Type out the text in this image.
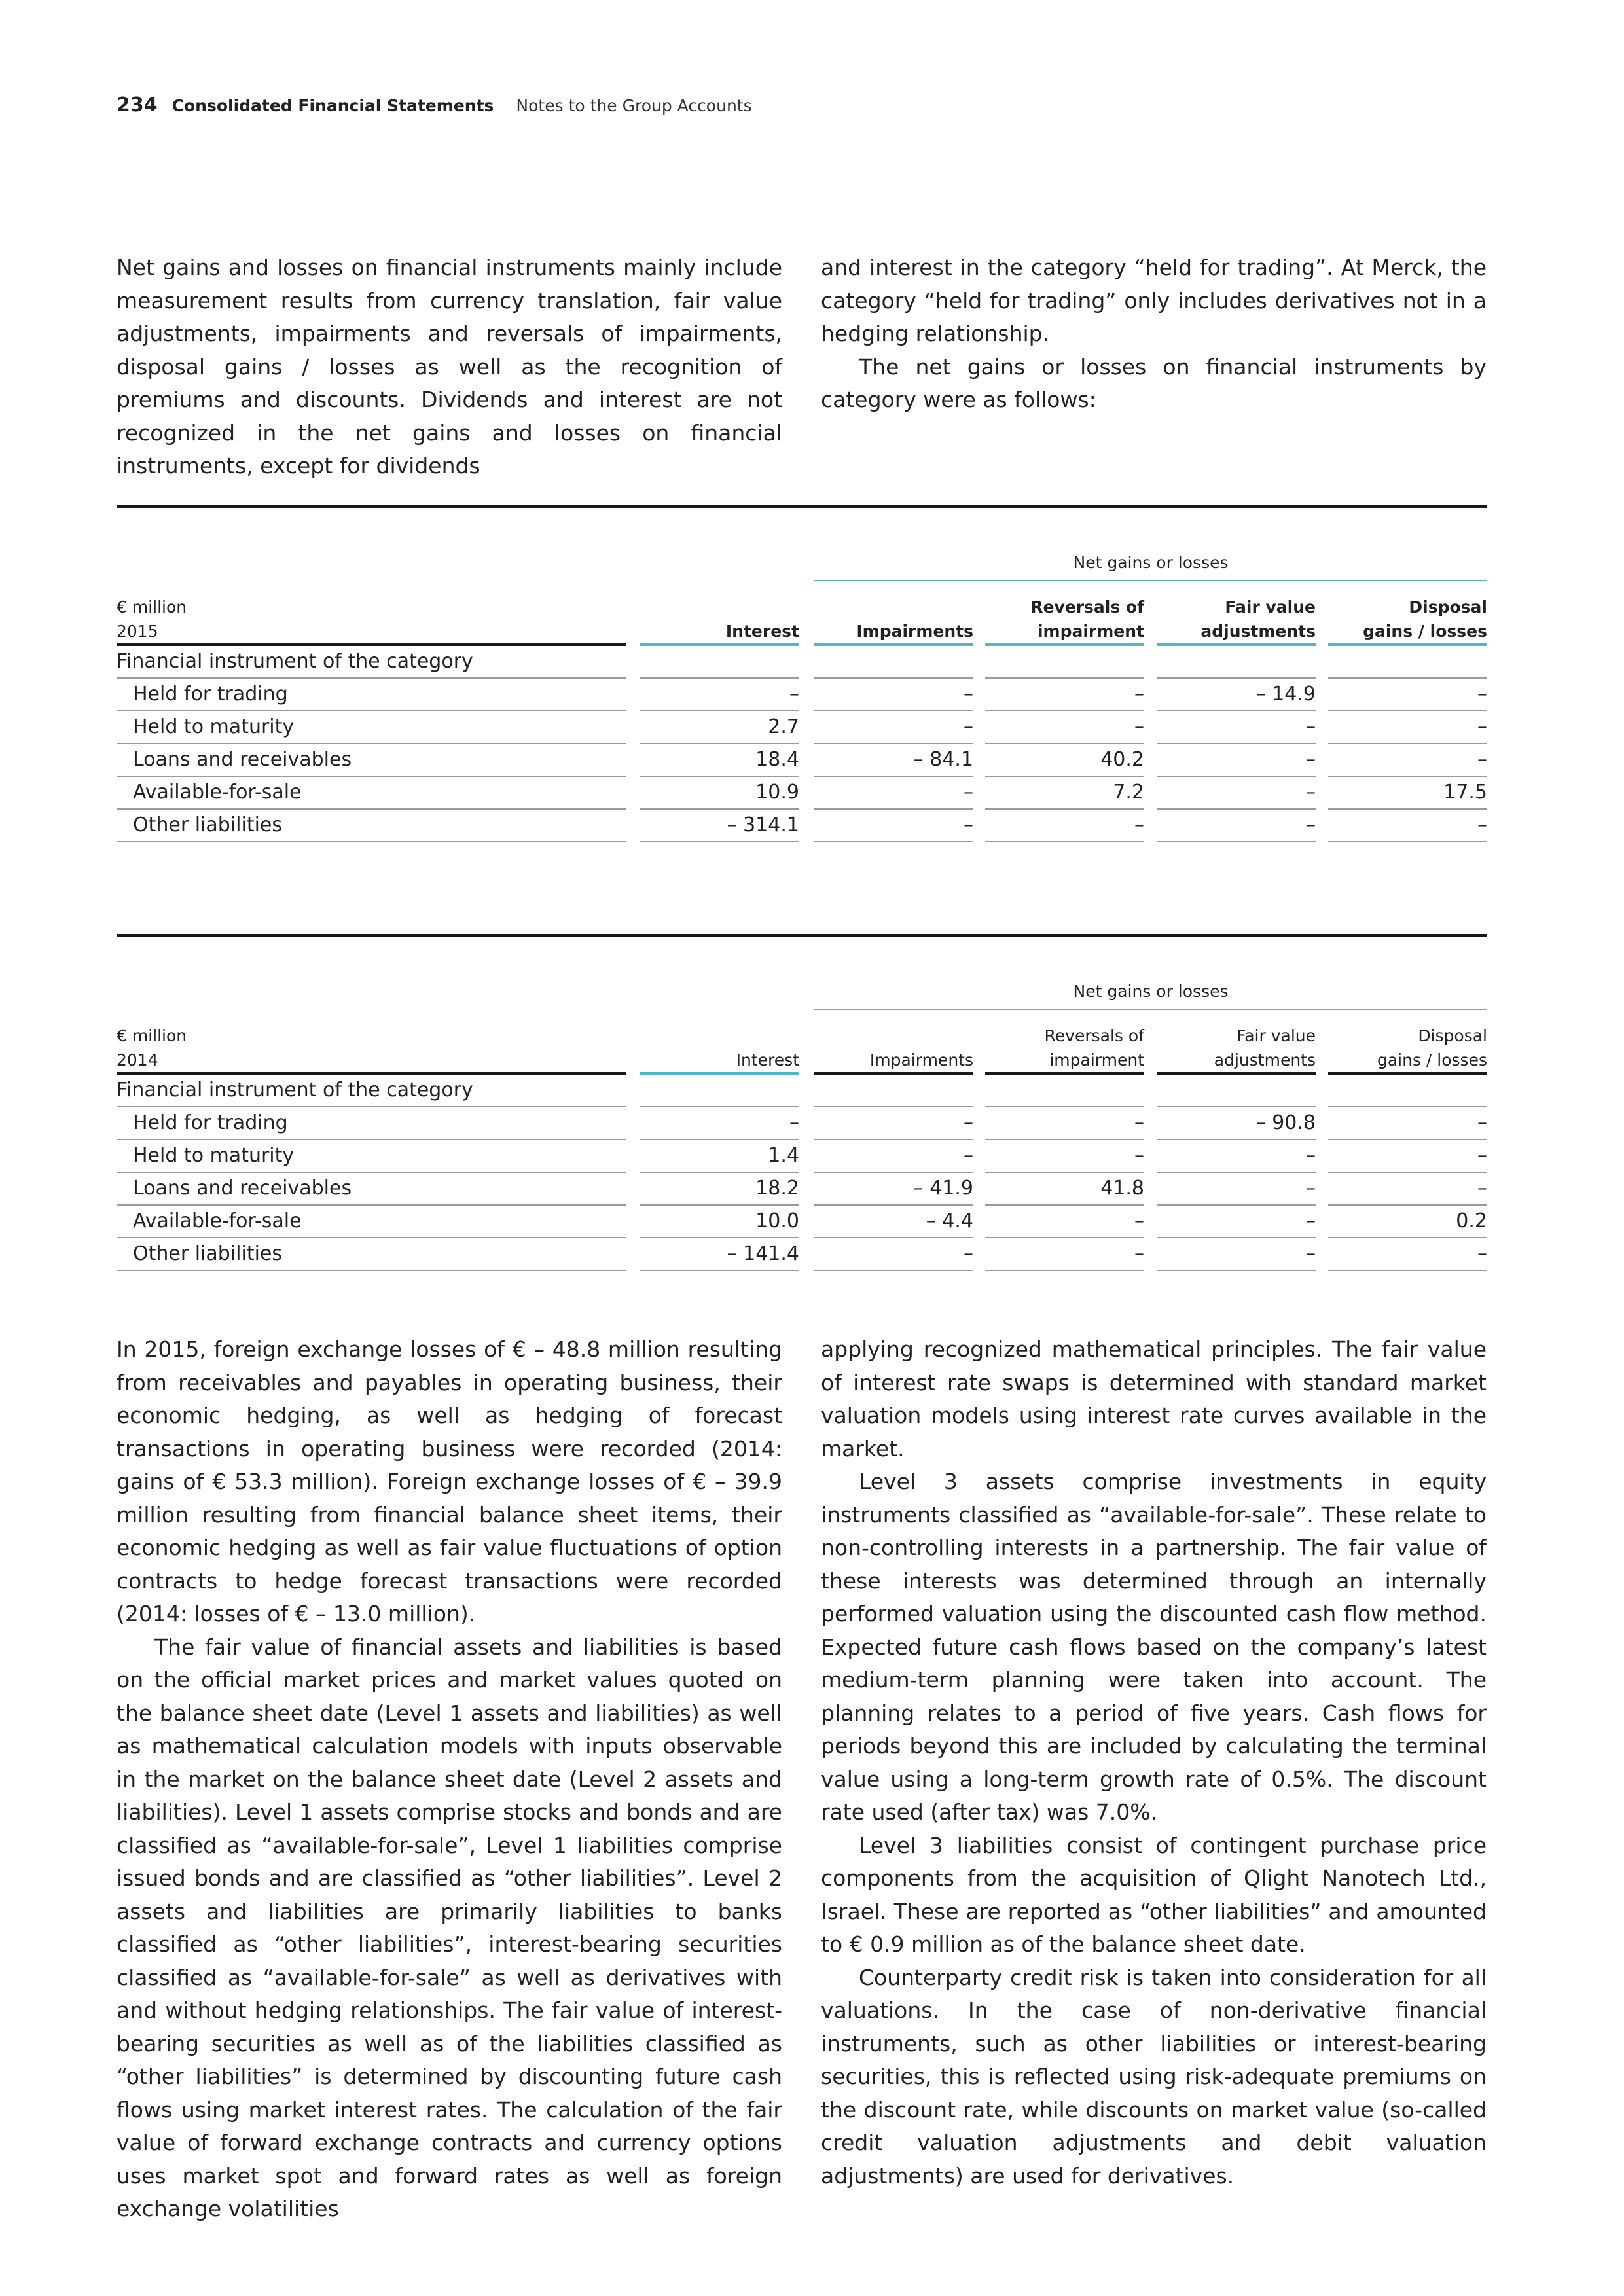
234 Consolidated Financial Statements Notes to the Group Accounts

Net gains and losses on financial instruments mainly include measurement results from currency translation, fair value adjustments, impairments and reversals of impairments, disposal gains / losses as well as the recognition of premiums and discounts. Dividends and interest are not recognized in the net gains and losses on financial instruments, except for dividends

and interest in the category “held for trading”. At Merck, the category “held for trading” only includes derivatives not in a hedging relationship.

The net gains or losses on financial instruments by category were as follows:

Net gains or losses
€ million
2015	Interest	Impairments
Reversals of
impairment
Fair value
adjustments
Disposal
gains / losses
Financial instrument of the category
Held for trading	–	–	–	– 14.9	–
Held to maturity	2.7	–	–	–	–
Loans and receivables	18.4	– 84.1	40.2	–	–
Available-for-sale	10.9	–	7.2	–	17.5
Other liabilities	– 314.1	–	–	–	–
Net gains or losses
€ million
2014	Interest	Impairments
Reversals of
impairment
Fair value
adjustments
Disposal
gains / losses
Financial instrument of the category
Held for trading	–	–	–	– 90.8	–
Held to maturity	1.4	–	–	–	–
Loans and receivables	18.2	– 41.9	41.8	–	–
Available-for-sale	10.0	– 4.4	–	–	0.2
Other liabilities	– 141.4	–	–	–	–

In 2015, foreign exchange losses of € – 48.8 million resulting from receivables and payables in operating business, their economic hedging, as well as hedging of forecast transactions in operating business were recorded (2014: gains of € 53.3 million). Foreign exchange losses of € – 39.9 million resulting from financial balance sheet items, their economic hedging as well as fair value fluctuations of option contracts to hedge forecast transactions were recorded (2014: losses of € – 13.0 million).

The fair value of financial assets and liabilities is based on the official market prices and market values quoted on the balance sheet date (Level 1 assets and liabilities) as well as mathematical calculation models with inputs observable in the market on the balance sheet date (Level 2 assets and liabilities). Level 1 assets comprise stocks and bonds and are classified as “available-for-sale”, Level 1 liabilities comprise issued bonds and are classified as “other liabilities”. Level 2 assets and liabilities are primarily liabilities to banks classified as “other liabilities”, interest-bearing securities classified as “available-for-sale” as well as derivatives with and without hedging relationships. The fair value of interest-bearing securities as well as of the liabilities classified as “other liabilities” is determined by discounting future cash flows using market interest rates. The calculation of the fair value of forward exchange contracts and currency options uses market spot and forward rates as well as foreign exchange volatilities

applying recognized mathematical principles. The fair value of interest rate swaps is determined with standard market valuation models using interest rate curves available in the market.

Level 3 assets comprise investments in equity instruments classified as “available-for-sale”. These relate to non-controlling interests in a partnership. The fair value of these interests was determined through an internally performed valuation using the discounted cash flow method. Expected future cash flows based on the company’s latest medium-term planning were taken into account. The planning relates to a period of five years. Cash flows for periods beyond this are included by calculating the terminal value using a long-term growth rate of 0.5%. The discount rate used (after tax) was 7.0%.

Level 3 liabilities consist of contingent purchase price components from the acquisition of Qlight Nanotech Ltd., Israel. These are reported as “other liabilities” and amounted to € 0.9 million as of the balance sheet date.

Counterparty credit risk is taken into consideration for all valuations. In the case of non-derivative financial instruments, such as other liabilities or interest-bearing securities, this is reflected using risk-adequate premiums on the discount rate, while discounts on market value (so-called credit valuation adjustments and debit valuation adjustments) are used for derivatives.
